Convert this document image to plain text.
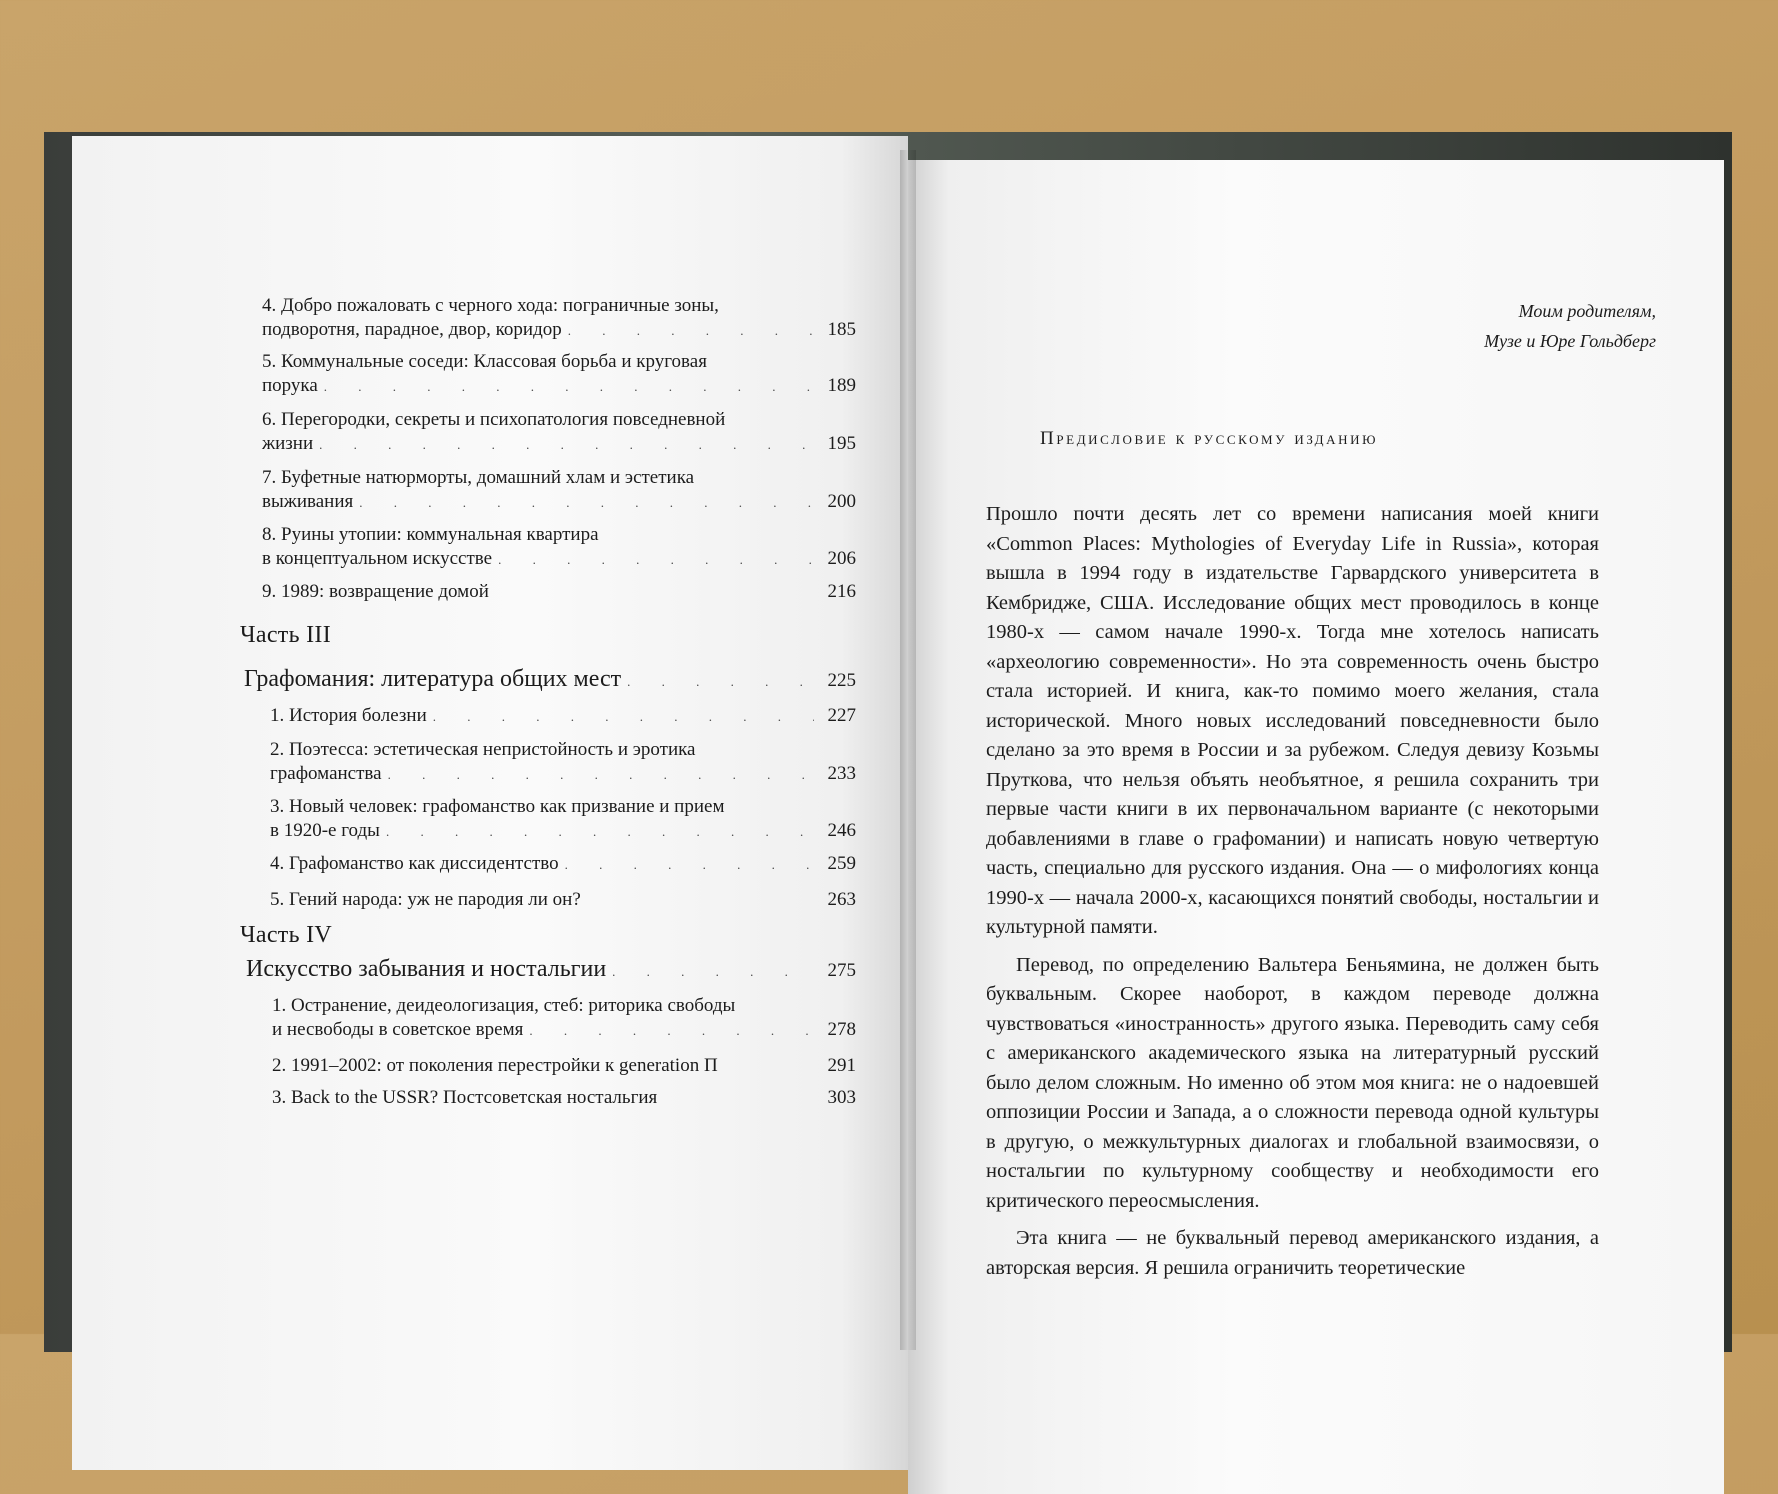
4. Добро пожаловать с черного хода: пограничные зоны,
подворотня, парадное, двор, коридор . . .	185
5. Коммунальные соседи: Классовая борьба и круговая
порука . . .	189
6. Перегородки, секреты и психопатология повседневной
жизни . . .	195
7. Буфетные натюрморты, домашний хлам и эстетика
выживания . . .	200
8. Руины утопии: коммунальная квартира
в концептуальном искусстве . . .	206
9. 1989: возвращение домой	216
Часть III
Графомания: литература общих мест . . .	225
1. История болезни . . .	227
2. Поэтесса: эстетическая непристойность и эротика
графоманства . . .	233
3. Новый человек: графоманство как призвание и прием
в 1920-е годы . . .	246
4. Графоманство как диссидентство . . .	259
5. Гений народа: уж не пародия ли он?	263
Часть IV
Искусство забывания и ностальгии . . .	275
1. Остранение, деидеологизация, стеб: риторика свободы
и несвободы в советское время . . .	278
2. 1991–2002: от поколения перестройки к generation П	291
3. Back to the USSR? Постсоветская ностальгия	303
Моим родителям,
Музе и Юре Гольдберг
Предисловие к русскому изданию

Прошло почти десять лет со времени написания моей книги «Common Places: Mythologies of Everyday Life in Russia», которая вышла в 1994 году в издательстве Гарвардского университета в Кембридже, США. Исследование общих мест проводилось в конце 1980-х — самом начале 1990-х. Тогда мне хотелось написать «археологию современности». Но эта современность очень быстро стала историей. И книга, как-то помимо моего желания, стала исторической. Много новых исследований повседневности было сделано за это время в России и за рубежом. Следуя девизу Козьмы Пруткова, что нельзя объять необъятное, я решила сохранить три первые части книги в их первоначальном варианте (с некоторыми добавлениями в главе о графомании) и написать новую четвертую часть, специально для русского издания. Она — о мифологиях конца 1990-х — начала 2000-х, касающихся понятий свободы, ностальгии и культурной памяти.

Перевод, по определению Вальтера Беньямина, не должен быть буквальным. Скорее наоборот, в каждом переводе должна чувствоваться «иностранность» другого языка. Переводить саму себя с американского академического языка на литературный русский было делом сложным. Но именно об этом моя книга: не о надоевшей оппозиции России и Запада, а о сложности перевода одной культуры в другую, о межкультурных диалогах и глобальной взаимосвязи, о ностальгии по культурному сообществу и необходимости его критического переосмысления.

Эта книга — не буквальный перевод американского издания, а авторская версия. Я решила ограничить теоретические
